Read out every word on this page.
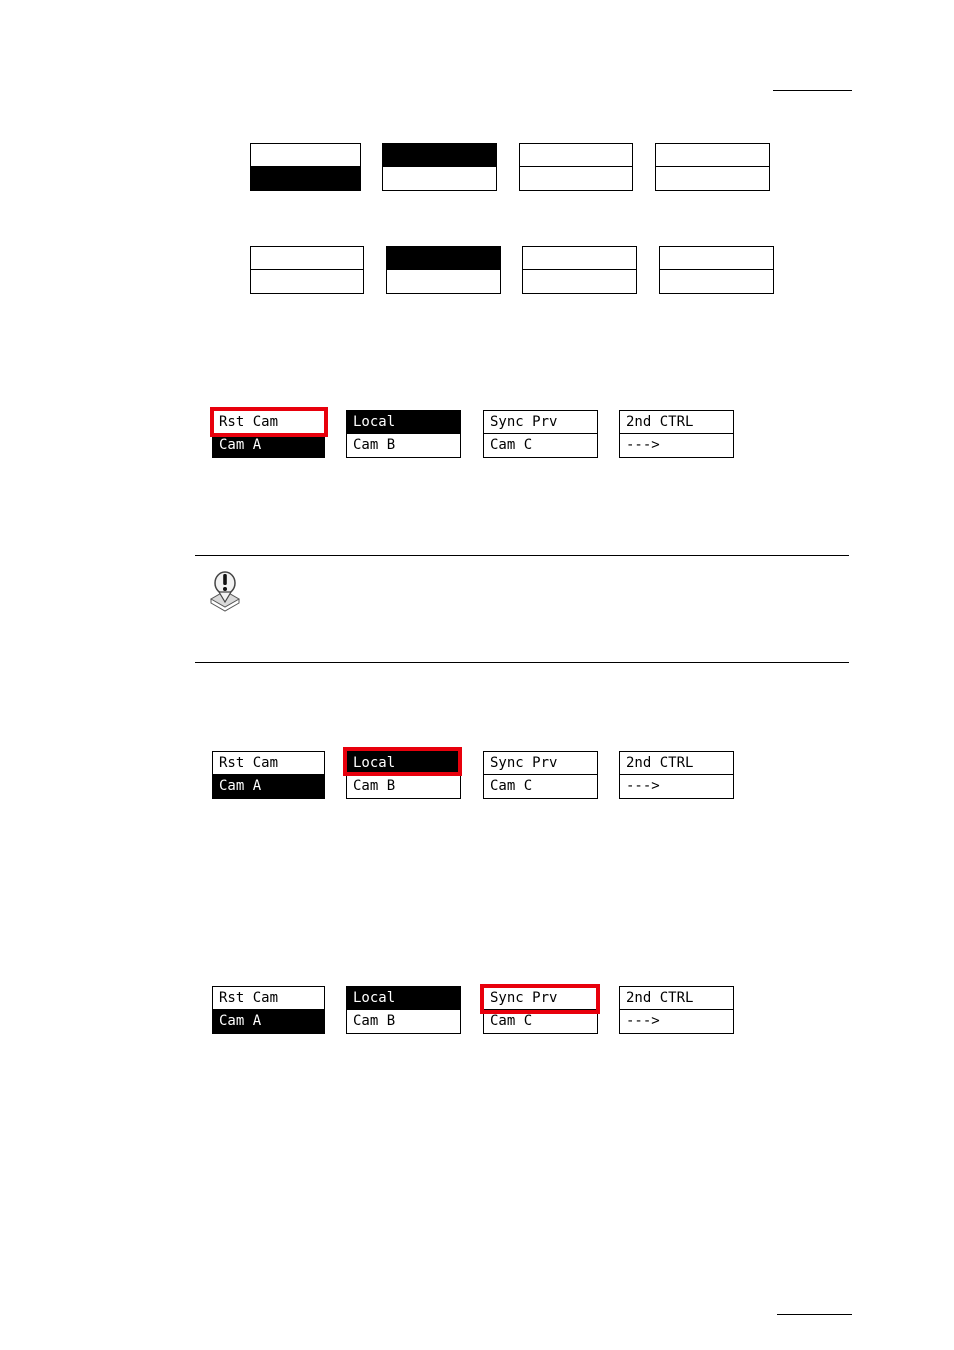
Rst Cam
Cam A
Local
Cam B
Sync Prv
Cam C
2nd CTRL
--->
Rst Cam
Cam A
Local
Cam B
Sync Prv
Cam C
2nd CTRL
--->
Rst Cam
Cam A
Local
Cam B
Sync Prv
Cam C
2nd CTRL
--->
